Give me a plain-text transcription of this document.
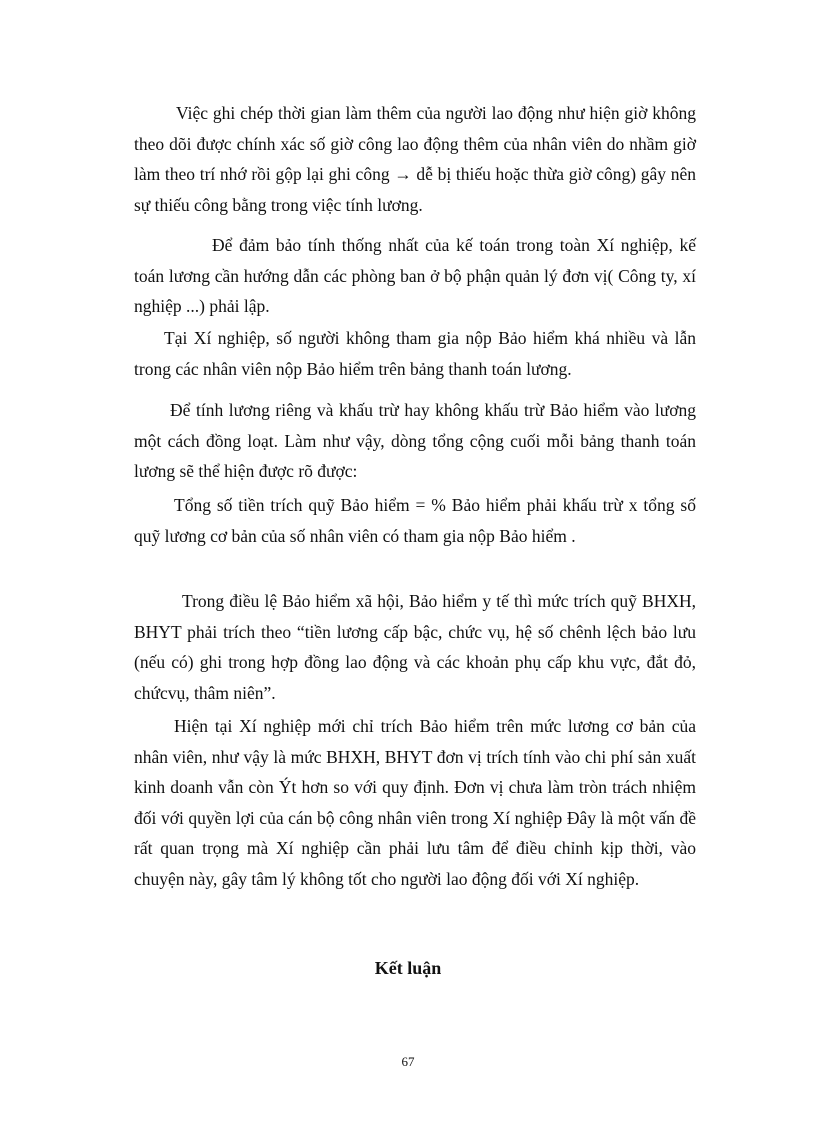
Việc ghi chép thời gian làm thêm của người lao động như hiện giờ không theo dõi được chính xác số giờ công lao động thêm của nhân viên do nhầm giờ làm theo trí nhớ rồi gộp lại ghi công → dễ bị thiếu hoặc thừa giờ công) gây nên sự thiếu công bằng trong việc tính lương.

Để đảm bảo tính thống nhất của kế toán trong toàn Xí nghiệp, kế toán lương cần hướng dẫn các phòng ban ở bộ phận quản lý đơn vị( Công ty, xí nghiệp ...) phải lập.

Tại Xí nghiệp, số người không tham gia nộp Bảo hiểm khá nhiều và lẫn trong các nhân viên nộp Bảo hiểm trên bảng thanh toán lương.

Để tính lương riêng và khấu trừ hay không khấu trừ Bảo hiểm vào lương một cách đồng loạt. Làm như vậy, dòng tổng cộng cuối mỗi bảng thanh toán lương sẽ thể hiện được rõ được:

Tổng số tiền trích quỹ Bảo hiểm = % Bảo hiểm phải khấu trừ x tổng số quỹ lương cơ bản của số nhân viên có tham gia nộp Bảo hiểm .

Trong điều lệ Bảo hiểm xã hội, Bảo hiểm y tế thì mức trích quỹ BHXH, BHYT phải trích theo “tiền lương cấp bậc, chức vụ, hệ số chênh lệch bảo lưu (nếu có) ghi trong hợp đồng lao động và các khoản phụ cấp khu vực, đắt đỏ, chứcvụ, thâm niên”.

Hiện tại Xí nghiệp mới chỉ trích Bảo hiểm trên mức lương cơ bản của nhân viên, như vậy là mức BHXH, BHYT đơn vị trích tính vào chi phí sản xuất kinh doanh vẫn còn Ýt hơn so với quy định. Đơn vị chưa làm tròn trách nhiệm đối với quyền lợi của cán bộ công nhân viên trong Xí nghiệp Đây là một vấn đề rất quan trọng mà Xí nghiệp cần phải lưu tâm để điều chỉnh kịp thời, vào chuyện này, gây tâm lý không tốt cho người lao động đối với Xí nghiệp.

Kết luận
67
